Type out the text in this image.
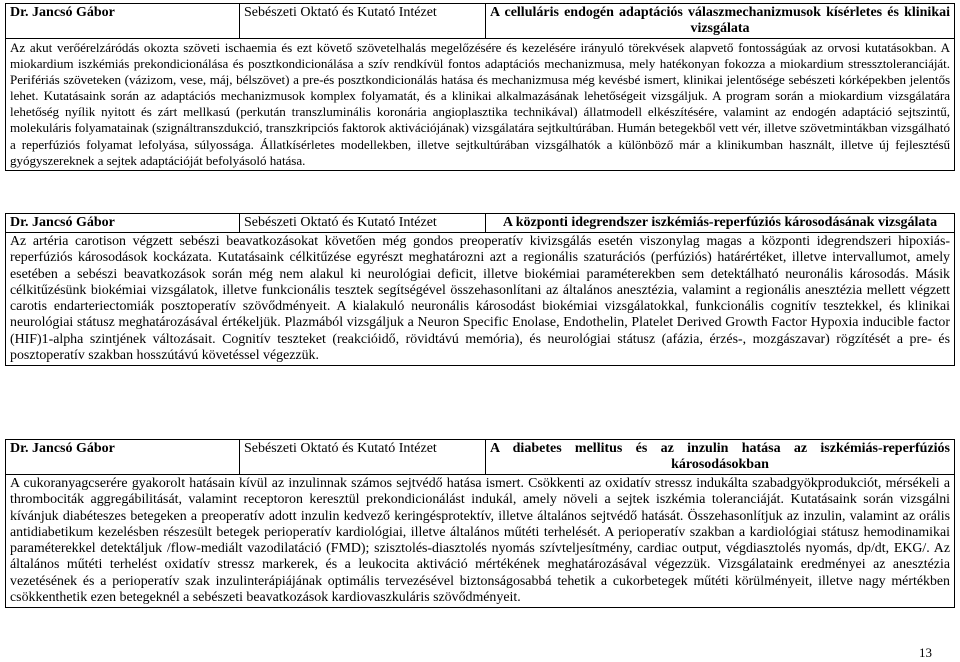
Dr. Jancsó Gábor	Sebészeti Oktató és Kutató Intézet	A celluláris endogén adaptációs válaszmechanizmusok kísérletes és klinikai vizsgálata
Az akut verőérelzáródás okozta szöveti ischaemia és ezt követő szövetelhalás megelőzésére és kezelésére irányuló törekvések alapvető fontosságúak az orvosi kutatásokban. A miokardium iszkémiás prekondicionálása és posztkondicionálása a szív rendkívül fontos adaptációs mechanizmusa, mely hatékonyan fokozza a miokardium stressztoleranciáját. Perifériás szöveteken (vázizom, vese, máj, bélszövet) a pre-és posztkondicionálás hatása és mechanizmusa még kevésbé ismert, klinikai jelentősége sebészeti kórképekben jelentős lehet. Kutatásaink során az adaptációs mechanizmusok komplex folyamatát, és a klinikai alkalmazásának lehetőségeit vizsgáljuk. A program során a miokardium vizsgálatára lehetőség nyílik nyitott és zárt mellkasú (perkután transzluminális koronária angioplasztika technikával) állatmodell elkészítésére, valamint az endogén adaptáció sejtszintű, molekuláris folyamatainak (szignáltranszdukció, transzkripciós faktorok aktivációjának) vizsgálatára sejtkultúrában. Humán betegekből vett vér, illetve szövetmintákban vizsgálható a reperfúziós folyamat lefolyása, súlyossága. Állatkísérletes modellekben, illetve sejtkultúrában vizsgálhatók a különböző már a klinikumban használt, illetve új fejlesztésű gyógyszereknek a sejtek adaptációját befolyásoló hatása.
Dr. Jancsó Gábor	Sebészeti Oktató és Kutató Intézet	A központi idegrendszer iszkémiás-reperfúziós károsodásának vizsgálata
Az artéria carotison végzett sebészi beavatkozásokat követően még gondos preoperatív kivizsgálás esetén viszonylag magas a központi idegrendszeri hipoxiás-reperfúziós károsodások kockázata. Kutatásaink célkitűzése egyrészt meghatározni azt a regionális szaturációs (perfúziós) határértéket, illetve intervallumot, amely esetében a sebészi beavatkozások során még nem alakul ki neurológiai deficit, illetve biokémiai paraméterekben sem detektálható neuronális károsodás. Másik célkitűzésünk biokémiai vizsgálatok, illetve funkcionális tesztek segítségével összehasonlítani az általános anesztézia, valamint a regionális anesztézia mellett végzett carotis endarteriectomiák posztoperatív szövődményeit. A kialakuló neuronális károsodást biokémiai vizsgálatokkal, funkcionális cognitív tesztekkel, és klinikai neurológiai státusz meghatározásával értékeljük. Plazmából vizsgáljuk a Neuron Specific Enolase, Endothelin, Platelet Derived Growth Factor Hypoxia inducible factor (HIF)1-alpha szintjének változásait. Cognitív teszteket (reakcióidő, rövidtávú memória), és neurológiai státusz (afázia, érzés-, mozgászavar) rögzítését a pre- és posztoperatív szakban hosszútávú követéssel végezzük.
Dr. Jancsó Gábor	Sebészeti Oktató és Kutató Intézet	A diabetes mellitus és az inzulin hatása az iszkémiás-reperfúziós károsodásokban
A cukoranyagcserére gyakorolt hatásain kívül az inzulinnak számos sejtvédő hatása ismert. Csökkenti az oxidatív stressz indukálta szabadgyökprodukciót, mérsékeli a thrombociták aggregábilitását, valamint receptoron keresztül prekondicionálást indukál, amely növeli a sejtek iszkémia toleranciáját. Kutatásaink során vizsgálni kívánjuk diabéteszes betegeken a preoperatív adott inzulin kedvező keringésprotektív, illetve általános sejtvédő hatását. Összehasonlítjuk az inzulin, valamint az orális antidiabetikum kezelésben részesült betegek perioperatív kardiológiai, illetve általános műtéti terhelését. A perioperatív szakban a kardiológiai státusz hemodinamikai paraméterekkel detektáljuk /flow-mediált vazodilatáció (FMD); szisztolés-diasztolés nyomás szívteljesítmény, cardiac output, végdiasztolés nyomás, dp/dt, EKG/. Az általános műtéti terhelést oxidatív stressz markerek, és a leukocita aktiváció mértékének meghatározásával végezzük. Vizsgálataink eredményei az anesztézia vezetésének és a perioperatív szak inzulinterápiájának optimális tervezésével biztonságosabbá tehetik a cukorbetegek műtéti körülményeit, illetve nagy mértékben csökkenthetik ezen betegeknél a sebészeti beavatkozások kardiovaszkuláris szövődményeit.
13
